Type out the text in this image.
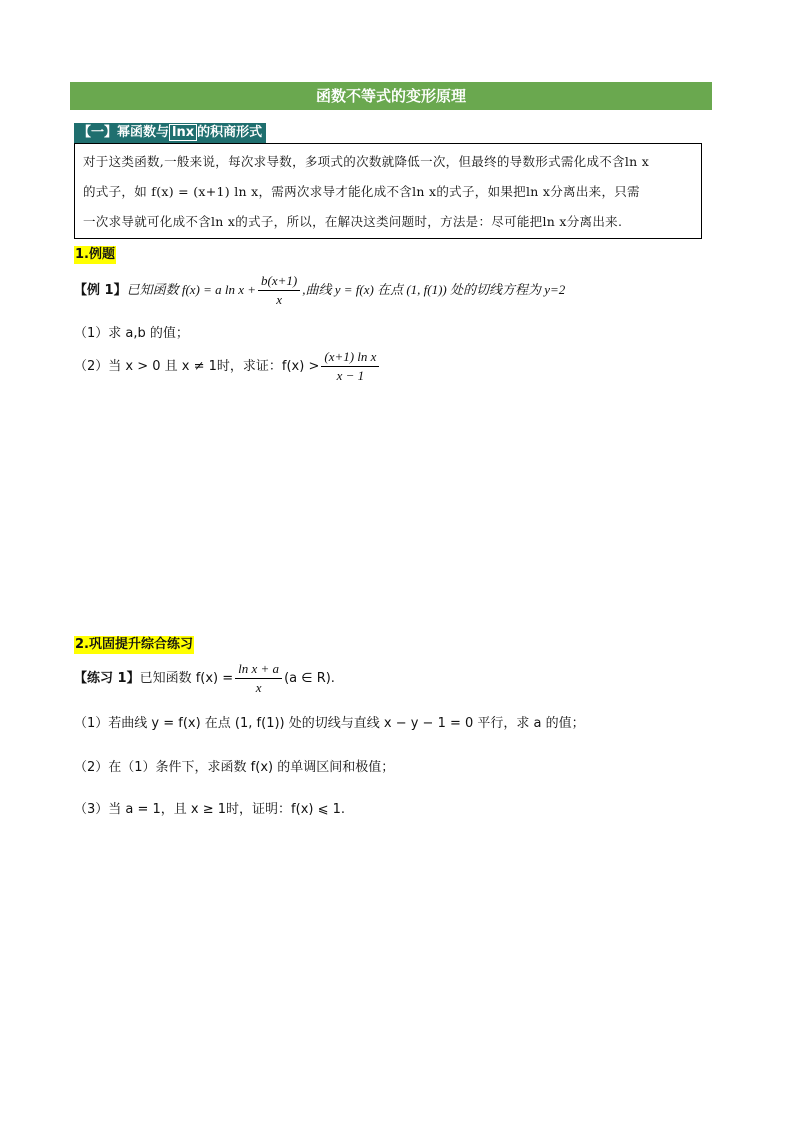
函数不等式的变形原理
【一】幂函数与 lnx 的积商形式

对于这类函数,一般来说，每次求导数，多项式的次数就降低一次，但最终的导数形式需化成不含ln x

的式子，如 f(x) = (x+1) ln x，需两次求导才能化成不含ln x的式子，如果把ln x分离出来，只需

一次求导就可化成不含ln x的式子，所以，在解决这类问题时，方法是：尽可能把ln x分离出来.

1.例题
【例 1】已知函数 f(x) = a $\ln x + \frac{b(x+1)}{x}$ ,曲线 y = f(x) 在点 (1, f(1)) 处的切线方程为 y=2
（1）求 a,b 的值；
（2）当 x > 0 且 x ≠ 1时，求证：$f(x) > \frac{\text{(x+1) ln x}}{x - 1}$
2.巩固提升综合练习
【练习 1】已知函数 $f(x) = \frac{\text{ln x + a}}{x} (a$ ∈ R).
（1）若曲线 y = f(x) 在点 (1, f(1)) 处的切线与直线 x − y − 1 = 0 平行，求 a 的值；
（2）在（1）条件下，求函数 f(x) 的单调区间和极值；
（3）当 a = 1，且 x ≥ 1时，证明：f(x) ⩽ 1.
